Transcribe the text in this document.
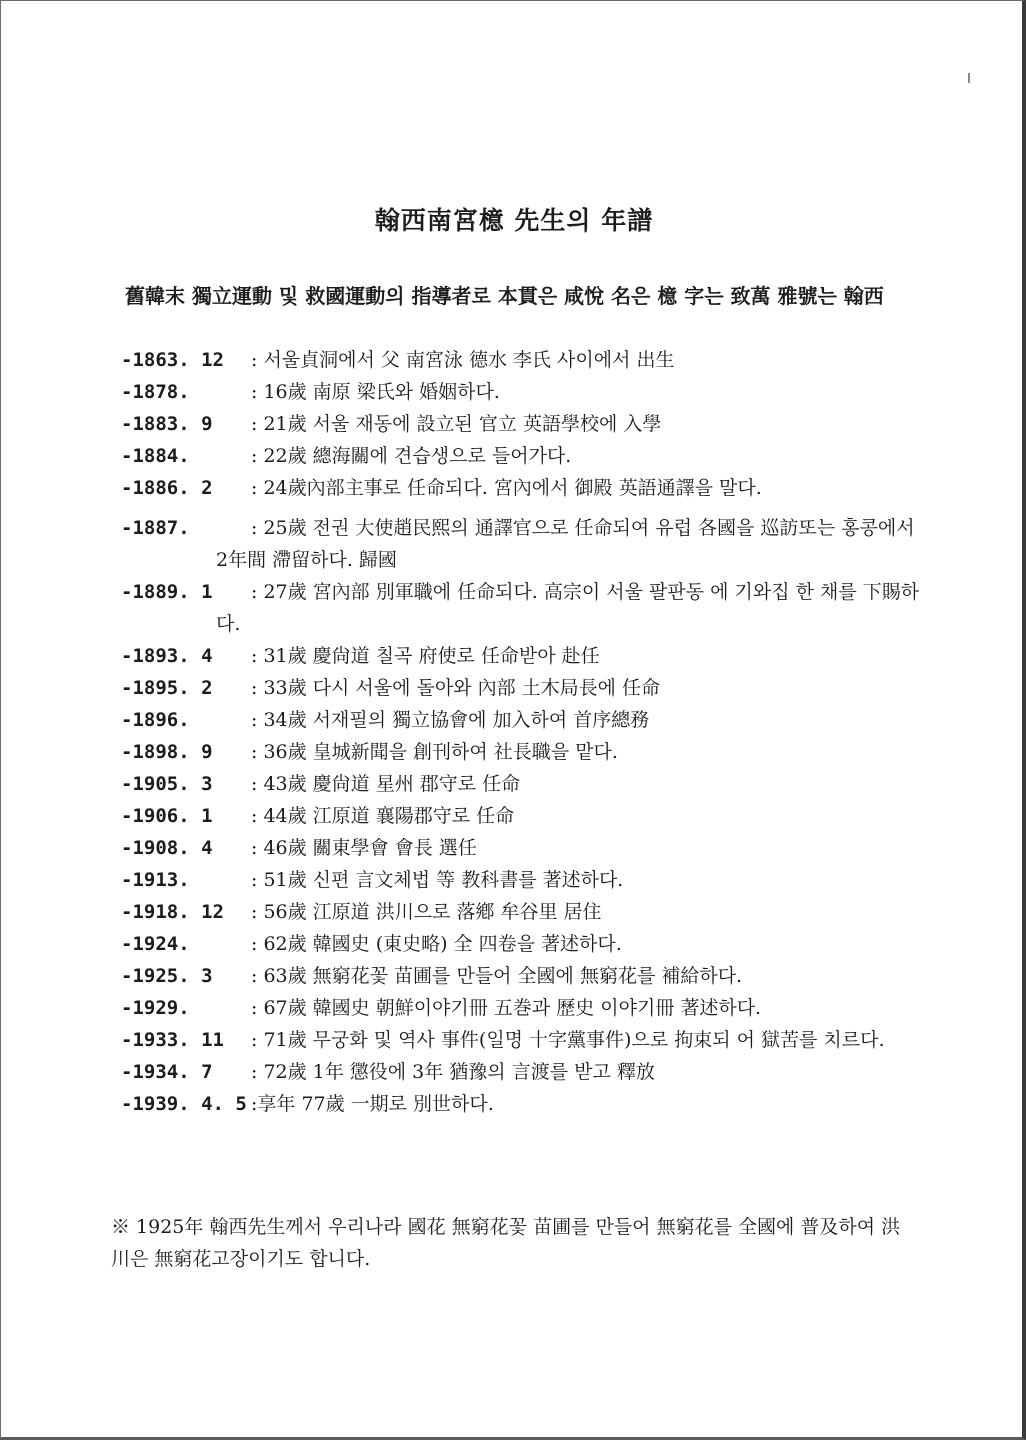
翰西南宮檍 先生의 年譜
舊韓末 獨立運動 및 救國運動의 指導者로 本貫은 咸悅 名은 檍 字는 致萬 雅號는 翰西
-1863. 12	: 서울貞洞에서 父 南宮泳 德水 李氏 사이에서 出生
-1878.	: 16歲 南原 梁氏와 婚姻하다.
-1883. 9	: 21歲 서울 재동에 設立된 官立 英語學校에 入學
-1884.	: 22歲 總海關에 견습생으로 들어가다.
-1886. 2	: 24歲內部主事로 任命되다. 宮內에서 御殿 英語通譯을 말다.
-1887.	: 25歲 전권 大使趙民熙의 通譯官으로 任命되여 유럽 各國을 巡訪또는 홍콩에서 2年間 滯留하다. 歸國
-1889. 1	: 27歲 宮內部 別軍職에 任命되다. 高宗이 서울 팔판동 에 기와집 한 채를 下賜하다.
-1893. 4	: 31歲 慶尙道 칠곡 府使로 任命받아 赴任
-1895. 2	: 33歲 다시 서울에 돌아와 內部 土木局長에 任命
-1896.	: 34歲 서재필의 獨立協會에 加入하여 首序總務
-1898. 9	: 36歲 皇城新聞을 創刊하여 社長職을 맡다.
-1905. 3	: 43歲 慶尙道 星州 郡守로 任命
-1906. 1	: 44歲 江原道 襄陽郡守로 任命
-1908. 4	: 46歲 關東學會 會長 選任
-1913.	: 51歲 신편 言文체법 等 教科書를 著述하다.
-1918. 12	: 56歲 江原道 洪川으로 落鄕 牟谷里 居住
-1924.	: 62歲 韓國史 (東史略) 全 四卷을 著述하다.
-1925. 3	: 63歲 無窮花꽃 苗圃를 만들어 全國에 無窮花를 補給하다.
-1929.	: 67歲 韓國史 朝鮮이야기冊 五巻과 歷史 이야기冊 著述하다.
-1933. 11	: 71歲 무궁화 및 역사 事件(일명 十字黨事件)으로 拘束되 어 獄苦를 치르다.
-1934. 7	: 72歲 1年 懲役에 3年 猶豫의 言渡를 받고 釋放
-1939. 4. 5 :享年 77歲 一期로 別世하다.
※ 1925年 翰西先生께서 우리나라 國花 無窮花꽃 苗圃를 만들어 無窮花를 全國에 普及하여 洪川은 無窮花고장이기도 합니다.
